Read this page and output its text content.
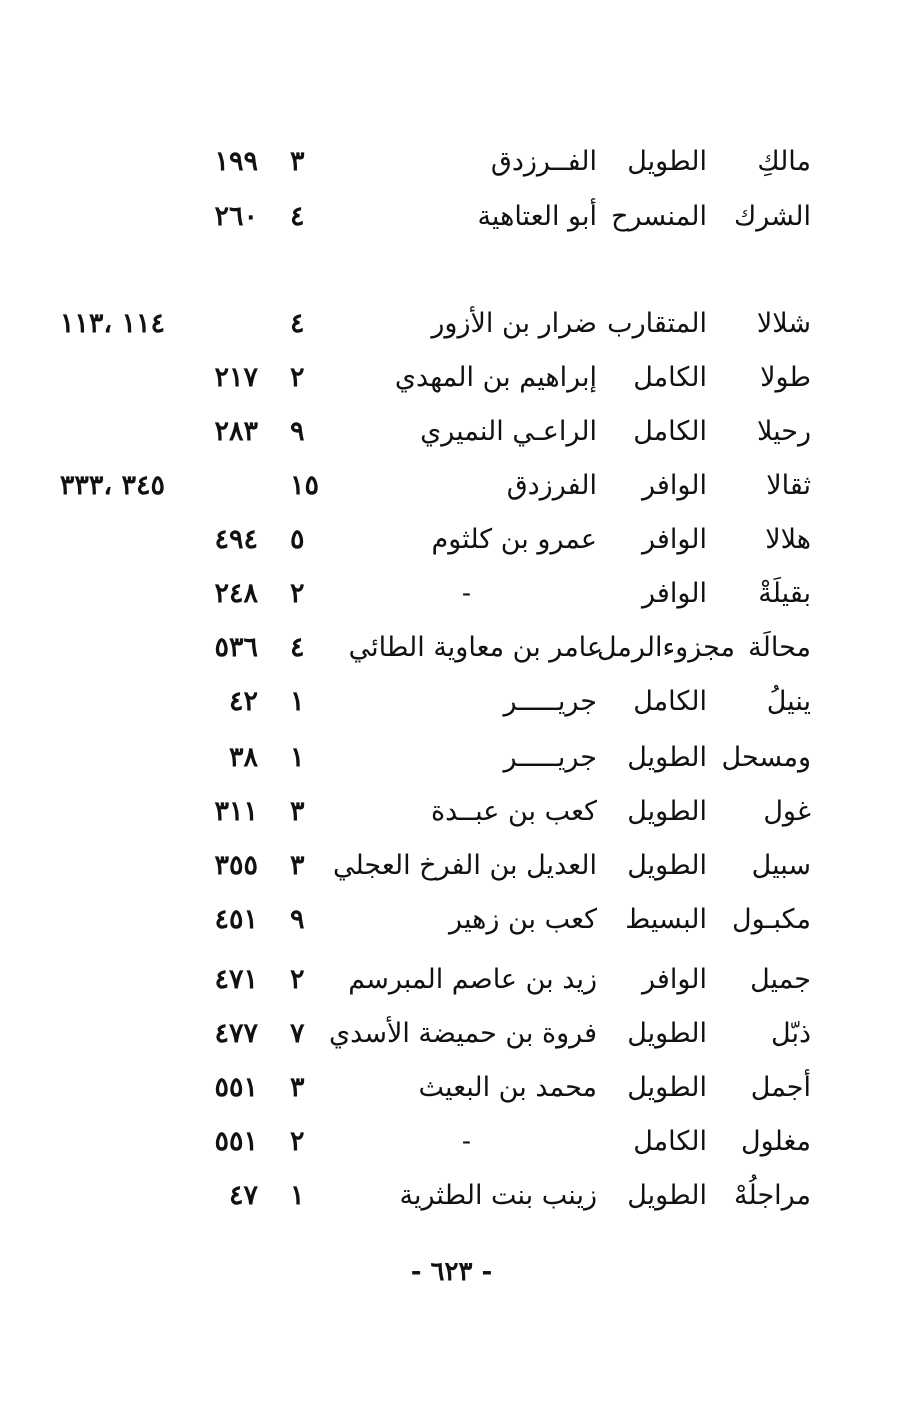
مالكِ
الطويل
الفــرزدق
٣
١٩٩
الشرك
المنسرح
أبو العتاهية
٤
٢٦٠
شلالا
المتقارب
ضرار بن الأزور
٤
١١٤ ،١١٣
طولا
الكامل
إبراهيم بن المهدي
٢
٢١٧
رحيلا
الكامل
الراعـي النميري
٩
٢٨٣
ثقالا
الوافر
الفرزدق
١٥
٣٤٥ ،٣٣٣
هلالا
الوافر
عمرو بن كلثوم
٥
٤٩٤
بقيلَةْ
الوافر
-
٢
٢٤٨
محالَة
مجزوءالرمل
عامر بن معاوية الطائي
٤
٥٣٦
ينيلُ
الكامل
جريـــــر
١
٤٢
ومسحل
الطويل
جريـــــر
١
٣٨
غول
الطويل
كعب بن عبــدة
٣
٣١١
سبيل
الطويل
العديل بن الفرخ العجلي
٣
٣٥٥
مكبـول
البسيط
كعب بن زهير
٩
٤٥١
جميل
الوافر
زيد بن عاصم المبرسم
٢
٤٧١
ذبّل
الطويل
فروة بن حميضة الأسدي
٧
٤٧٧
أجمل
الطويل
محمد بن البعيث
٣
٥٥١
مغلول
الكامل
-
٢
٥٥١
مراجلُهْ
الطويل
زينب بنت الطثرية
١
٤٧
- ٦٢٣ -
